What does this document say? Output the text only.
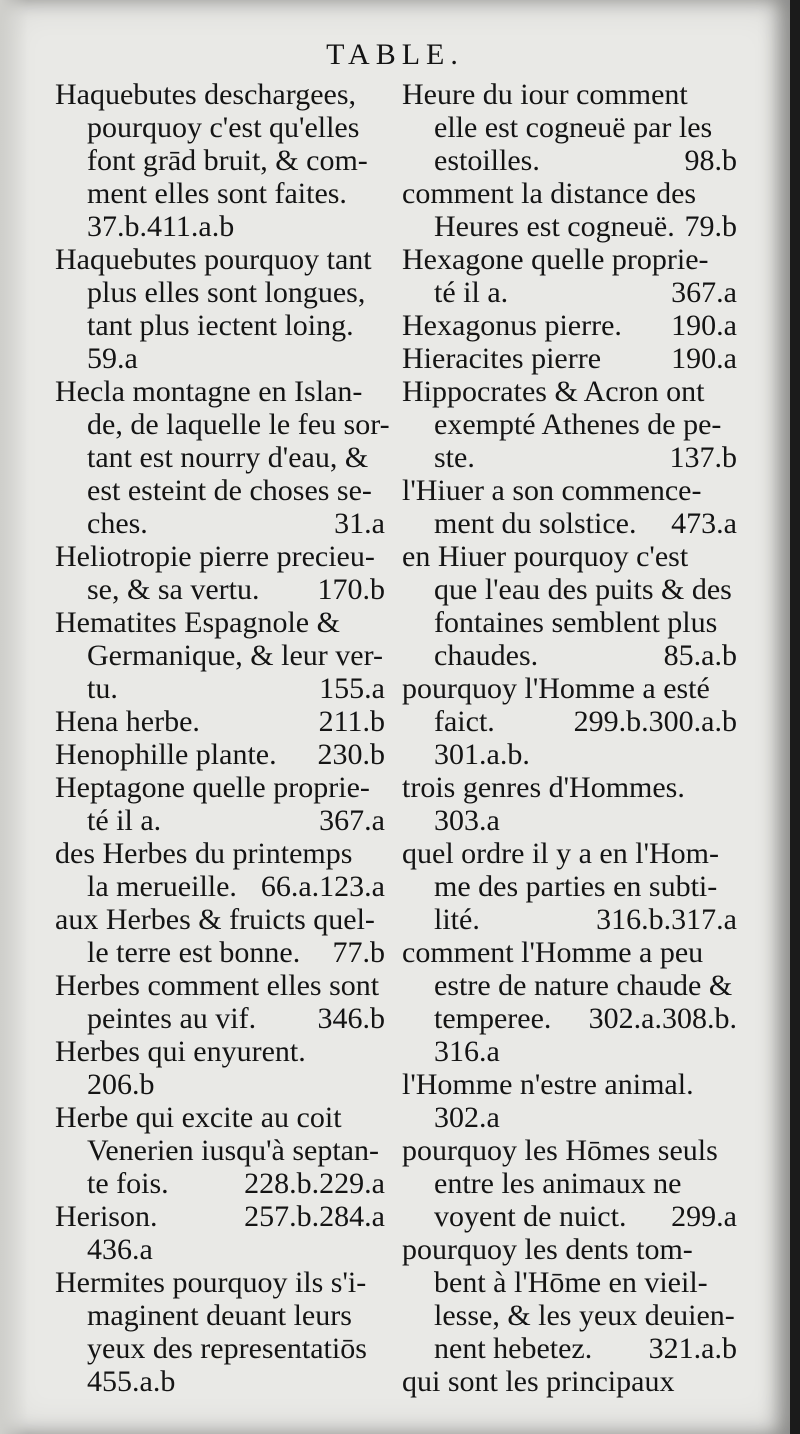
TABLE.
Haquebutes deschargees,
pourquoy c'est qu'elles
font grād bruit, & com-
ment elles sont faites.
37.b.411.a.b
Haquebutes pourquoy tant
plus elles sont longues,
tant plus iectent loing.
59.a
Hecla montagne en Islan-
de, de laquelle le feu sor-
tant est nourry d'eau, &
est esteint de choses se-
ches.	31.a
Heliotropie pierre precieu-
se, & sa vertu.	170.b
Hematites Espagnole &
Germanique, & leur ver-
tu.	155.a
Hena herbe.	211.b
Henophille plante.	230.b
Heptagone quelle proprie-
té il a.	367.a
des Herbes du printemps
la merueille. 66.a.123.a
aux Herbes & fruicts quel-
le terre est bonne.	77.b
Herbes comment elles sont
peintes au vif.	346.b
Herbes qui enyurent.
206.b
Herbe qui excite au coit
Venerien iusqu'à septan-
te fois.	228.b.229.a
Herison.	257.b.284.a
436.a
Hermites pourquoy ils s'i-
maginent deuant leurs
yeux des representatiōs
455.a.b
Heure du iour comment
elle est cogneuë par les
estoilles.	98.b
comment la distance des
Heures est cogneuë. 79.b
Hexagone quelle proprie-
té il a.	367.a
Hexagonus pierre.	190.a
Hieracites pierre	190.a
Hippocrates & Acron ont
exempté Athenes de pe-
ste.	137.b
l'Hiuer a son commence-
ment du solstice.	473.a
en Hiuer pourquoy c'est
que l'eau des puits & des
fontaines semblent plus
chaudes.	85.a.b
pourquoy l'Homme a esté
faict.	299.b.300.a.b
301.a.b.
trois genres d'Hommes.
303.a
quel ordre il y a en l'Hom-
me des parties en subti-
lité.	316.b.317.a
comment l'Homme a peu
estre de nature chaude &
temperee.	302.a.308.b.
316.a
l'Homme n'estre animal.
302.a
pourquoy les Hōmes seuls
entre les animaux ne
voyent de nuict.	299.a
pourquoy les dents tom-
bent à l'Hōme en vieil-
lesse, & les yeux deuien-
nent hebetez.	321.a.b
qui sont les principaux
